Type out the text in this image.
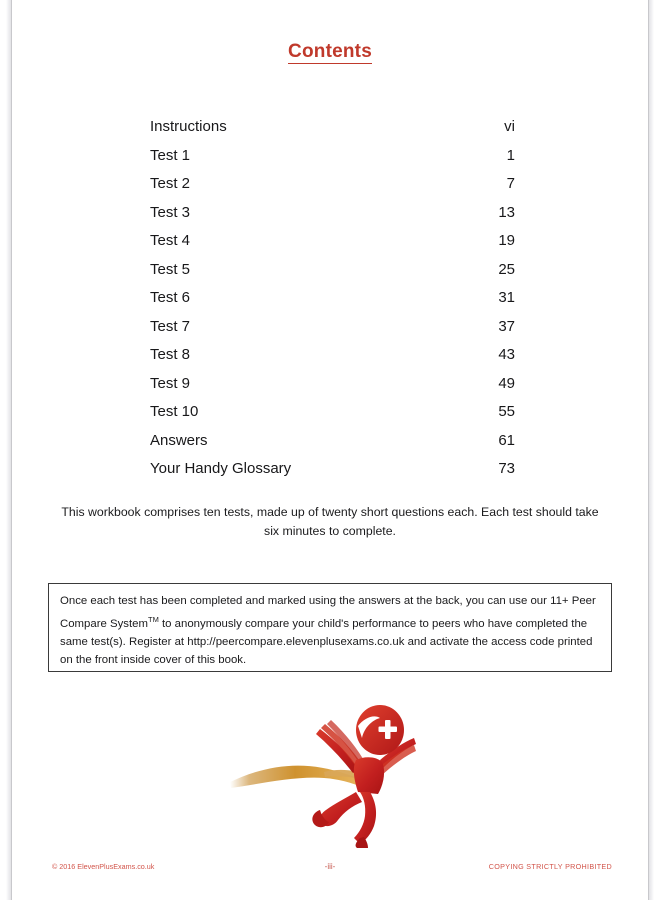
Contents
Instructions	vi
Test 1	1
Test 2	7
Test 3	13
Test 4	19
Test 5	25
Test 6	31
Test 7	37
Test 8	43
Test 9	49
Test 10	55
Answers	61
Your Handy Glossary	73
This workbook comprises ten tests, made up of twenty short questions each. Each test should take six minutes to complete.
Once each test has been completed and marked using the answers at the back, you can use our 11+ Peer Compare System™ to anonymously compare your child's performance to peers who have completed the same test(s). Register at http://peercompare.elevenplusexams.co.uk and activate the access code printed on the front inside cover of this book.
© 2016 ElevenPlusExams.co.uk	-iii-	COPYING STRICTLY PROHIBITED
